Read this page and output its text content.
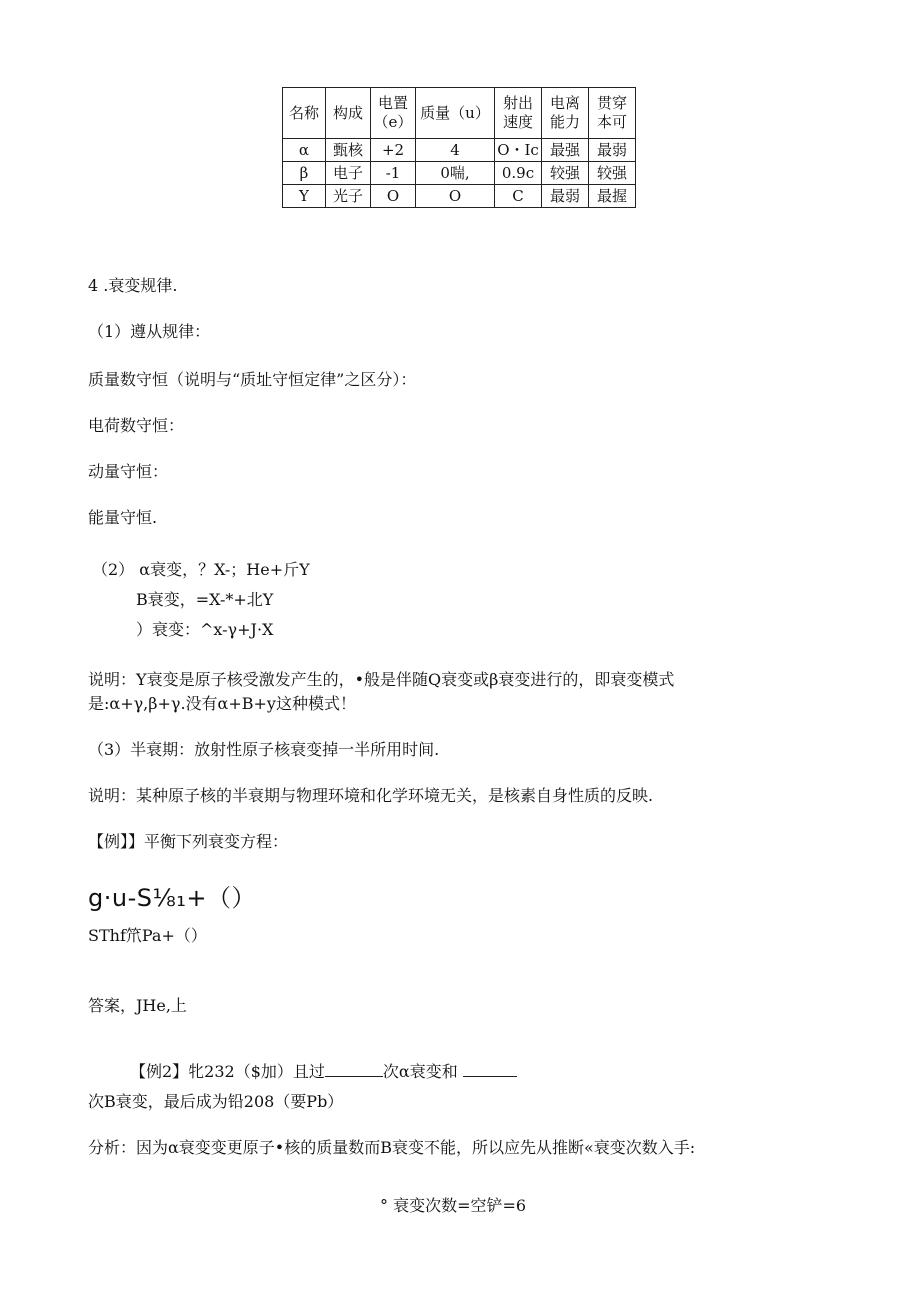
名称	构成	电置（e）	质量（u）	射出速度	电离能力	贯穿本可
α	甄核	+2	4	O・Ic	最强	最弱
β	电子	-1	0喘,	0.9c	较强	较强
Y	光子	O	O	C	最弱	最握
4 .衰变规律.
（1）遵从规律：
质量数守恒（说明与“质址守恒定律”之区分）：
电荷数守恒：
动量守恒：
能量守恒.
（2） α衰变，？X-；He+斤Y
B衰变，=X-*+北Y
）衰变：^x-γ+J·X
说明：Y衰变是原子核受激发产生的，•般是伴随Q衰变或β衰变进行的，即衰变模式
是:α+γ,β+γ.没有α+B+y这种模式！
（3）半衰期：放射性原子核衰变掉一半所用时间.
说明：某种原子核的半衰期与物理环境和化学环境无关，是核素自身性质的反映.
【例】】平衡下列衰变方程：
g·u-S⅛₁+（）
SThf笊Pa+（）
答案，JHe,上
【例2】牝232（$加）且过	次α衰变和
次B衰变，最后成为铅208（要Pb）
分析：因为α衰变变更原子•核的质量数而B衰变不能，所以应先从推断«衰变次数入手:
° 衰变次数=空铲=6
